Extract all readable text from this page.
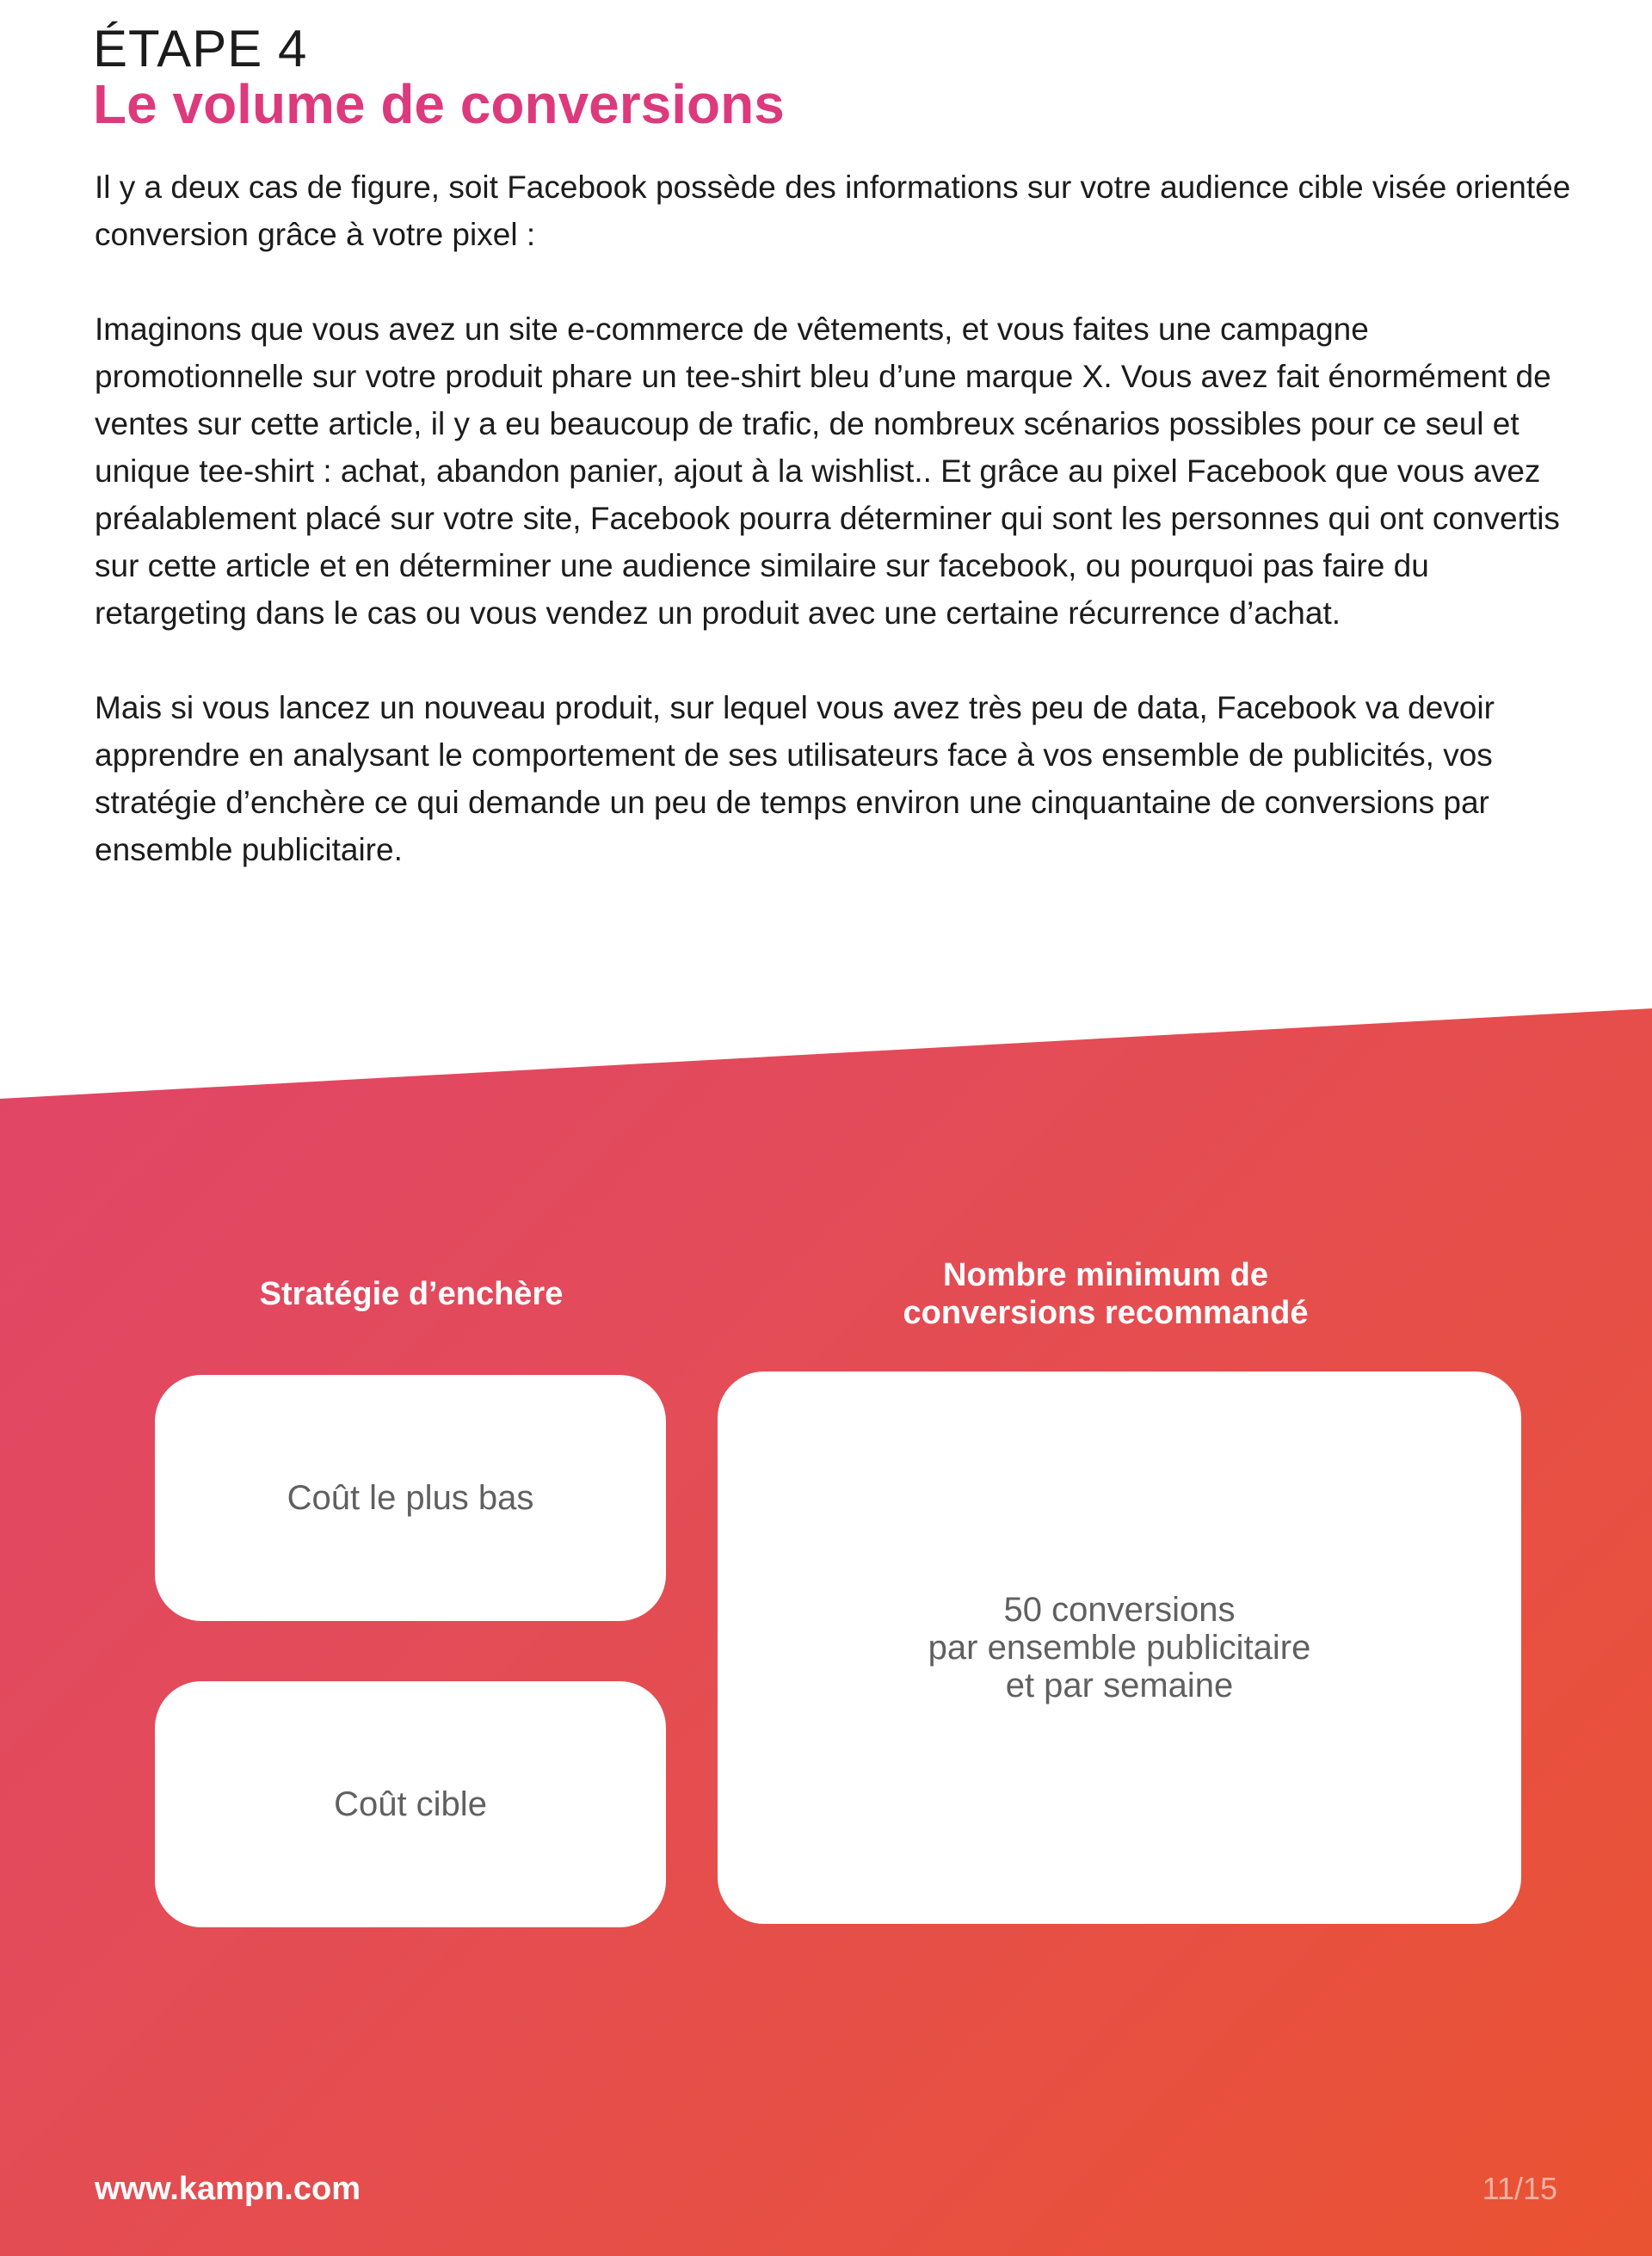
ÉTAPE 4
Le volume de conversions

Il y a deux cas de figure, soit Facebook possède des informations sur votre audience cible visée orientée conversion grâce à votre pixel :

Imaginons que vous avez un site e-commerce de vêtements, et vous faites une campagne promotionnelle sur votre produit phare un tee-shirt bleu d’une marque X. Vous avez fait énormément de ventes sur cette article, il y a eu beaucoup de trafic, de nombreux scénarios possibles pour ce seul et unique tee-shirt : achat, abandon panier, ajout à la wishlist.. Et grâce au pixel Facebook que vous avez préalablement placé sur votre site, Facebook pourra déterminer qui sont les personnes qui ont convertis sur cette article et en déterminer une audience similaire sur facebook, ou pourquoi pas faire du retargeting dans le cas ou vous vendez un produit avec une certaine récurrence d’achat.

Mais si vous lancez un nouveau produit, sur lequel vous avez très peu de data, Facebook va devoir apprendre en analysant le comportement de ses utilisateurs face à vos ensemble de publicités, vos stratégie d’enchère ce qui demande un peu de temps environ une cinquantaine de conversions par ensemble publicitaire.

Stratégie d’enchère
Nombre minimum de
conversions recommandé
Coût le plus bas
Coût cible
50 conversions
par ensemble publicitaire
et par semaine
www.kampn.com	11/15
